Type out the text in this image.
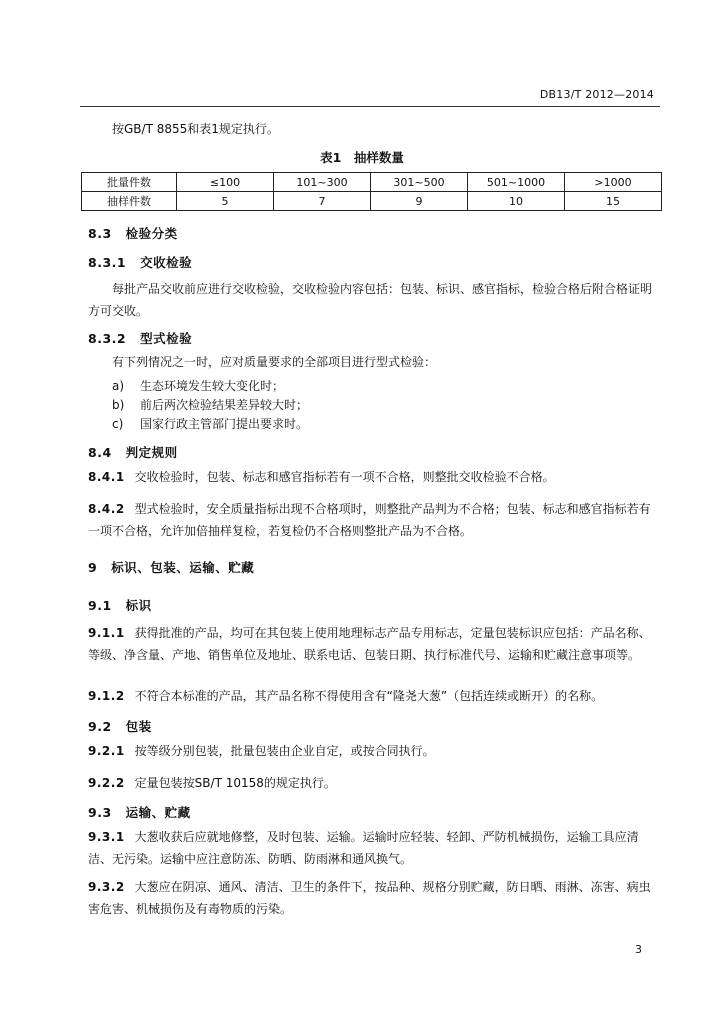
DB13/T 2012—2014
按GB/T 8855和表1规定执行。
表1　抽样数量
批量件数	≤100	101~300	301~500	501~1000	>1000
抽样件数	5	7	9	10	15
8.3 检验分类
8.3.1 交收检验
每批产品交收前应进行交收检验，交收检验内容包括：包装、标识、感官指标，检验合格后附合格证明方可交收。
8.3.2 型式检验
有下列情况之一时，应对质量要求的全部项目进行型式检验：
a) 生态环境发生较大变化时；
b) 前后两次检验结果差异较大时；
c) 国家行政主管部门提出要求时。
8.4 判定规则
8.4.1 交收检验时，包装、标志和感官指标若有一项不合格，则整批交收检验不合格。
8.4.2 型式检验时，安全质量指标出现不合格项时，则整批产品判为不合格；包装、标志和感官指标若有一项不合格，允许加倍抽样复检，若复检仍不合格则整批产品为不合格。
9 标识、包装、运输、贮藏
9.1 标识
9.1.1 获得批准的产品，均可在其包装上使用地理标志产品专用标志，定量包装标识应包括：产品名称、等级、净含量、产地、销售单位及地址、联系电话、包装日期、执行标准代号、运输和贮藏注意事项等。
9.1.2 不符合本标准的产品，其产品名称不得使用含有“隆尧大葱”（包括连续或断开）的名称。
9.2 包装
9.2.1 按等级分别包装，批量包装由企业自定，或按合同执行。
9.2.2 定量包装按SB/T 10158的规定执行。
9.3 运输、贮藏
9.3.1 大葱收获后应就地修整，及时包装、运输。运输时应轻装、轻卸、严防机械损伤，运输工具应清洁、无污染。运输中应注意防冻、防晒、防雨淋和通风换气。
9.3.2 大葱应在阴凉、通风、清洁、卫生的条件下，按品种、规格分别贮藏，防日晒、雨淋、冻害、病虫害危害、机械损伤及有毒物质的污染。
3
